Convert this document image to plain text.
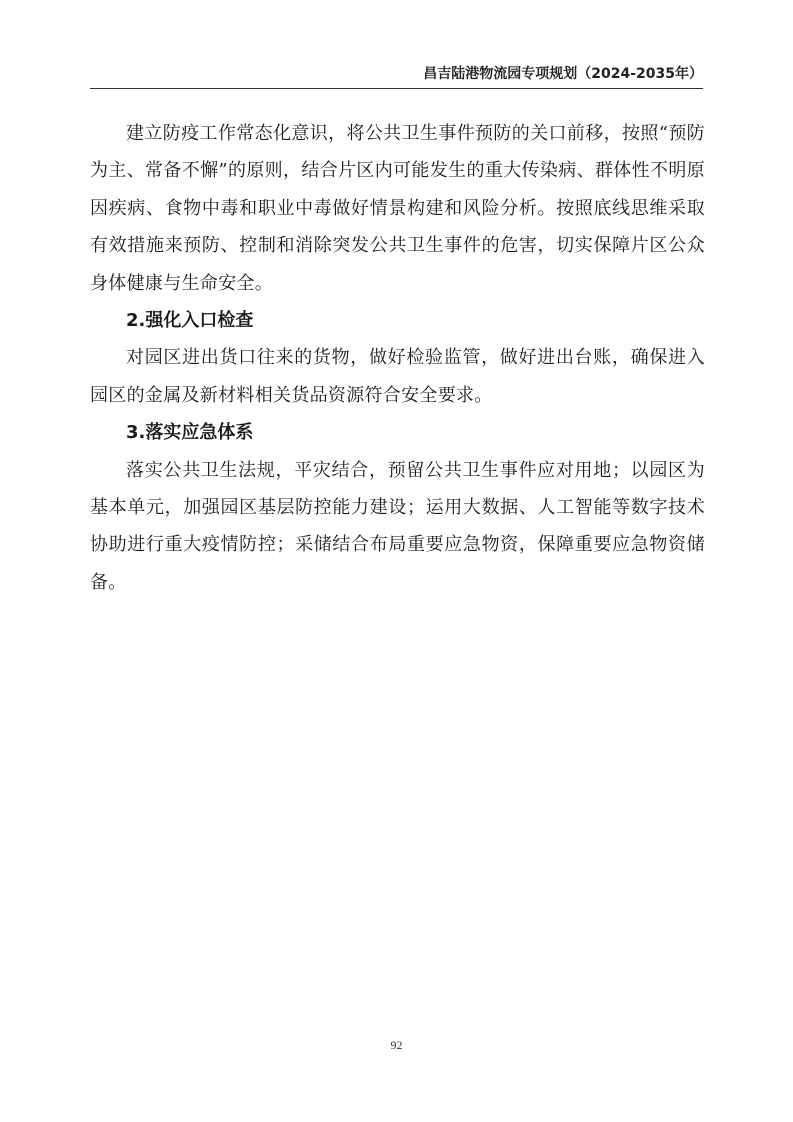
昌吉陆港物流园专项规划（2024-2035年）

建立防疫工作常态化意识，将公共卫生事件预防的关口前移，按照“预防为主、常备不懈”的原则，结合片区内可能发生的重大传染病、群体性不明原因疾病、食物中毒和职业中毒做好情景构建和风险分析。按照底线思维采取有效措施来预防、控制和消除突发公共卫生事件的危害，切实保障片区公众身体健康与生命安全。

2.强化入口检查

对园区进出货口往来的货物，做好检验监管，做好进出台账，确保进入园区的金属及新材料相关货品资源符合安全要求。

3.落实应急体系

落实公共卫生法规，平灾结合，预留公共卫生事件应对用地；以园区为基本单元，加强园区基层防控能力建设；运用大数据、人工智能等数字技术协助进行重大疫情防控；采储结合布局重要应急物资，保障重要应急物资储备。

92
